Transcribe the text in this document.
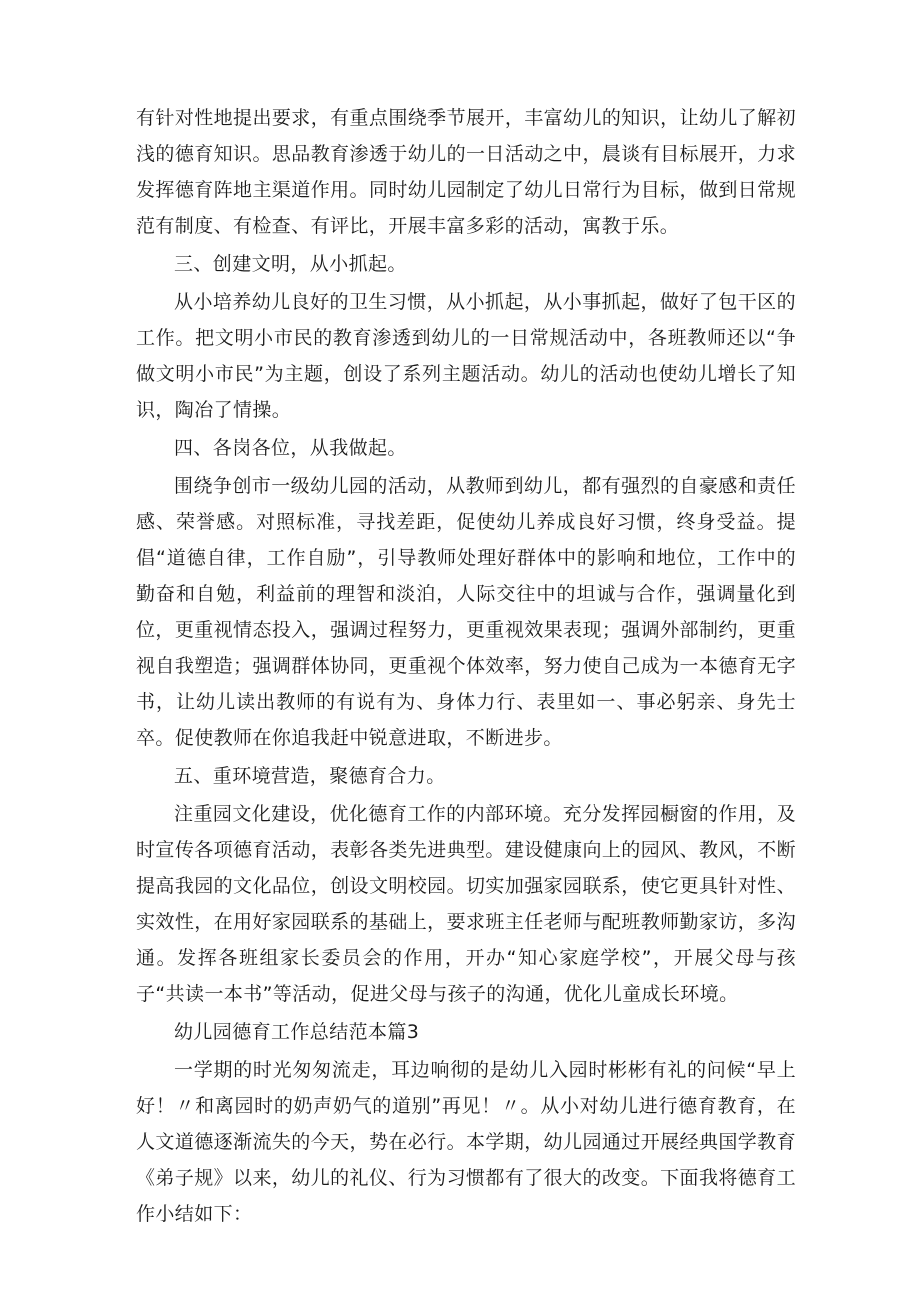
有针对性地提出要求，有重点围绕季节展开，丰富幼儿的知识，让幼儿了解初浅的德育知识。思品教育渗透于幼儿的一日活动之中，晨谈有目标展开，力求发挥德育阵地主渠道作用。同时幼儿园制定了幼儿日常行为目标，做到日常规范有制度、有检查、有评比，开展丰富多彩的活动，寓教于乐。

三、创建文明，从小抓起。

从小培养幼儿良好的卫生习惯，从小抓起，从小事抓起，做好了包干区的工作。把文明小市民的教育渗透到幼儿的一日常规活动中，各班教师还以“争做文明小市民”为主题，创设了系列主题活动。幼儿的活动也使幼儿增长了知识，陶冶了情操。

四、各岗各位，从我做起。

围绕争创市一级幼儿园的活动，从教师到幼儿，都有强烈的自豪感和责任感、荣誉感。对照标准，寻找差距，促使幼儿养成良好习惯，终身受益。提倡“道德自律，工作自励”，引导教师处理好群体中的影响和地位，工作中的勤奋和自勉，利益前的理智和淡泊，人际交往中的坦诚与合作，强调量化到位，更重视情态投入，强调过程努力，更重视效果表现；强调外部制约，更重视自我塑造；强调群体协同，更重视个体效率，努力使自己成为一本德育无字书，让幼儿读出教师的有说有为、身体力行、表里如一、事必躬亲、身先士卒。促使教师在你追我赶中锐意进取，不断进步。

五、重环境营造，聚德育合力。

注重园文化建设，优化德育工作的内部环境。充分发挥园橱窗的作用，及时宣传各项德育活动，表彰各类先进典型。建设健康向上的园风、教风，不断提高我园的文化品位，创设文明校园。切实加强家园联系，使它更具针对性、实效性，在用好家园联系的基础上，要求班主任老师与配班教师勤家访，多沟通。发挥各班组家长委员会的作用，开办“知心家庭学校”，开展父母与孩子“共读一本书”等活动，促进父母与孩子的沟通，优化儿童成长环境。

幼儿园德育工作总结范本篇3

一学期的时光匆匆流走，耳边响彻的是幼儿入园时彬彬有礼的问候“早上好！〃和离园时的奶声奶气的道别”再见！〃。从小对幼儿进行德育教育，在人文道德逐渐流失的今天，势在必行。本学期，幼儿园通过开展经典国学教育《弟子规》以来，幼儿的礼仪、行为习惯都有了很大的改变。下面我将德育工作小结如下：
